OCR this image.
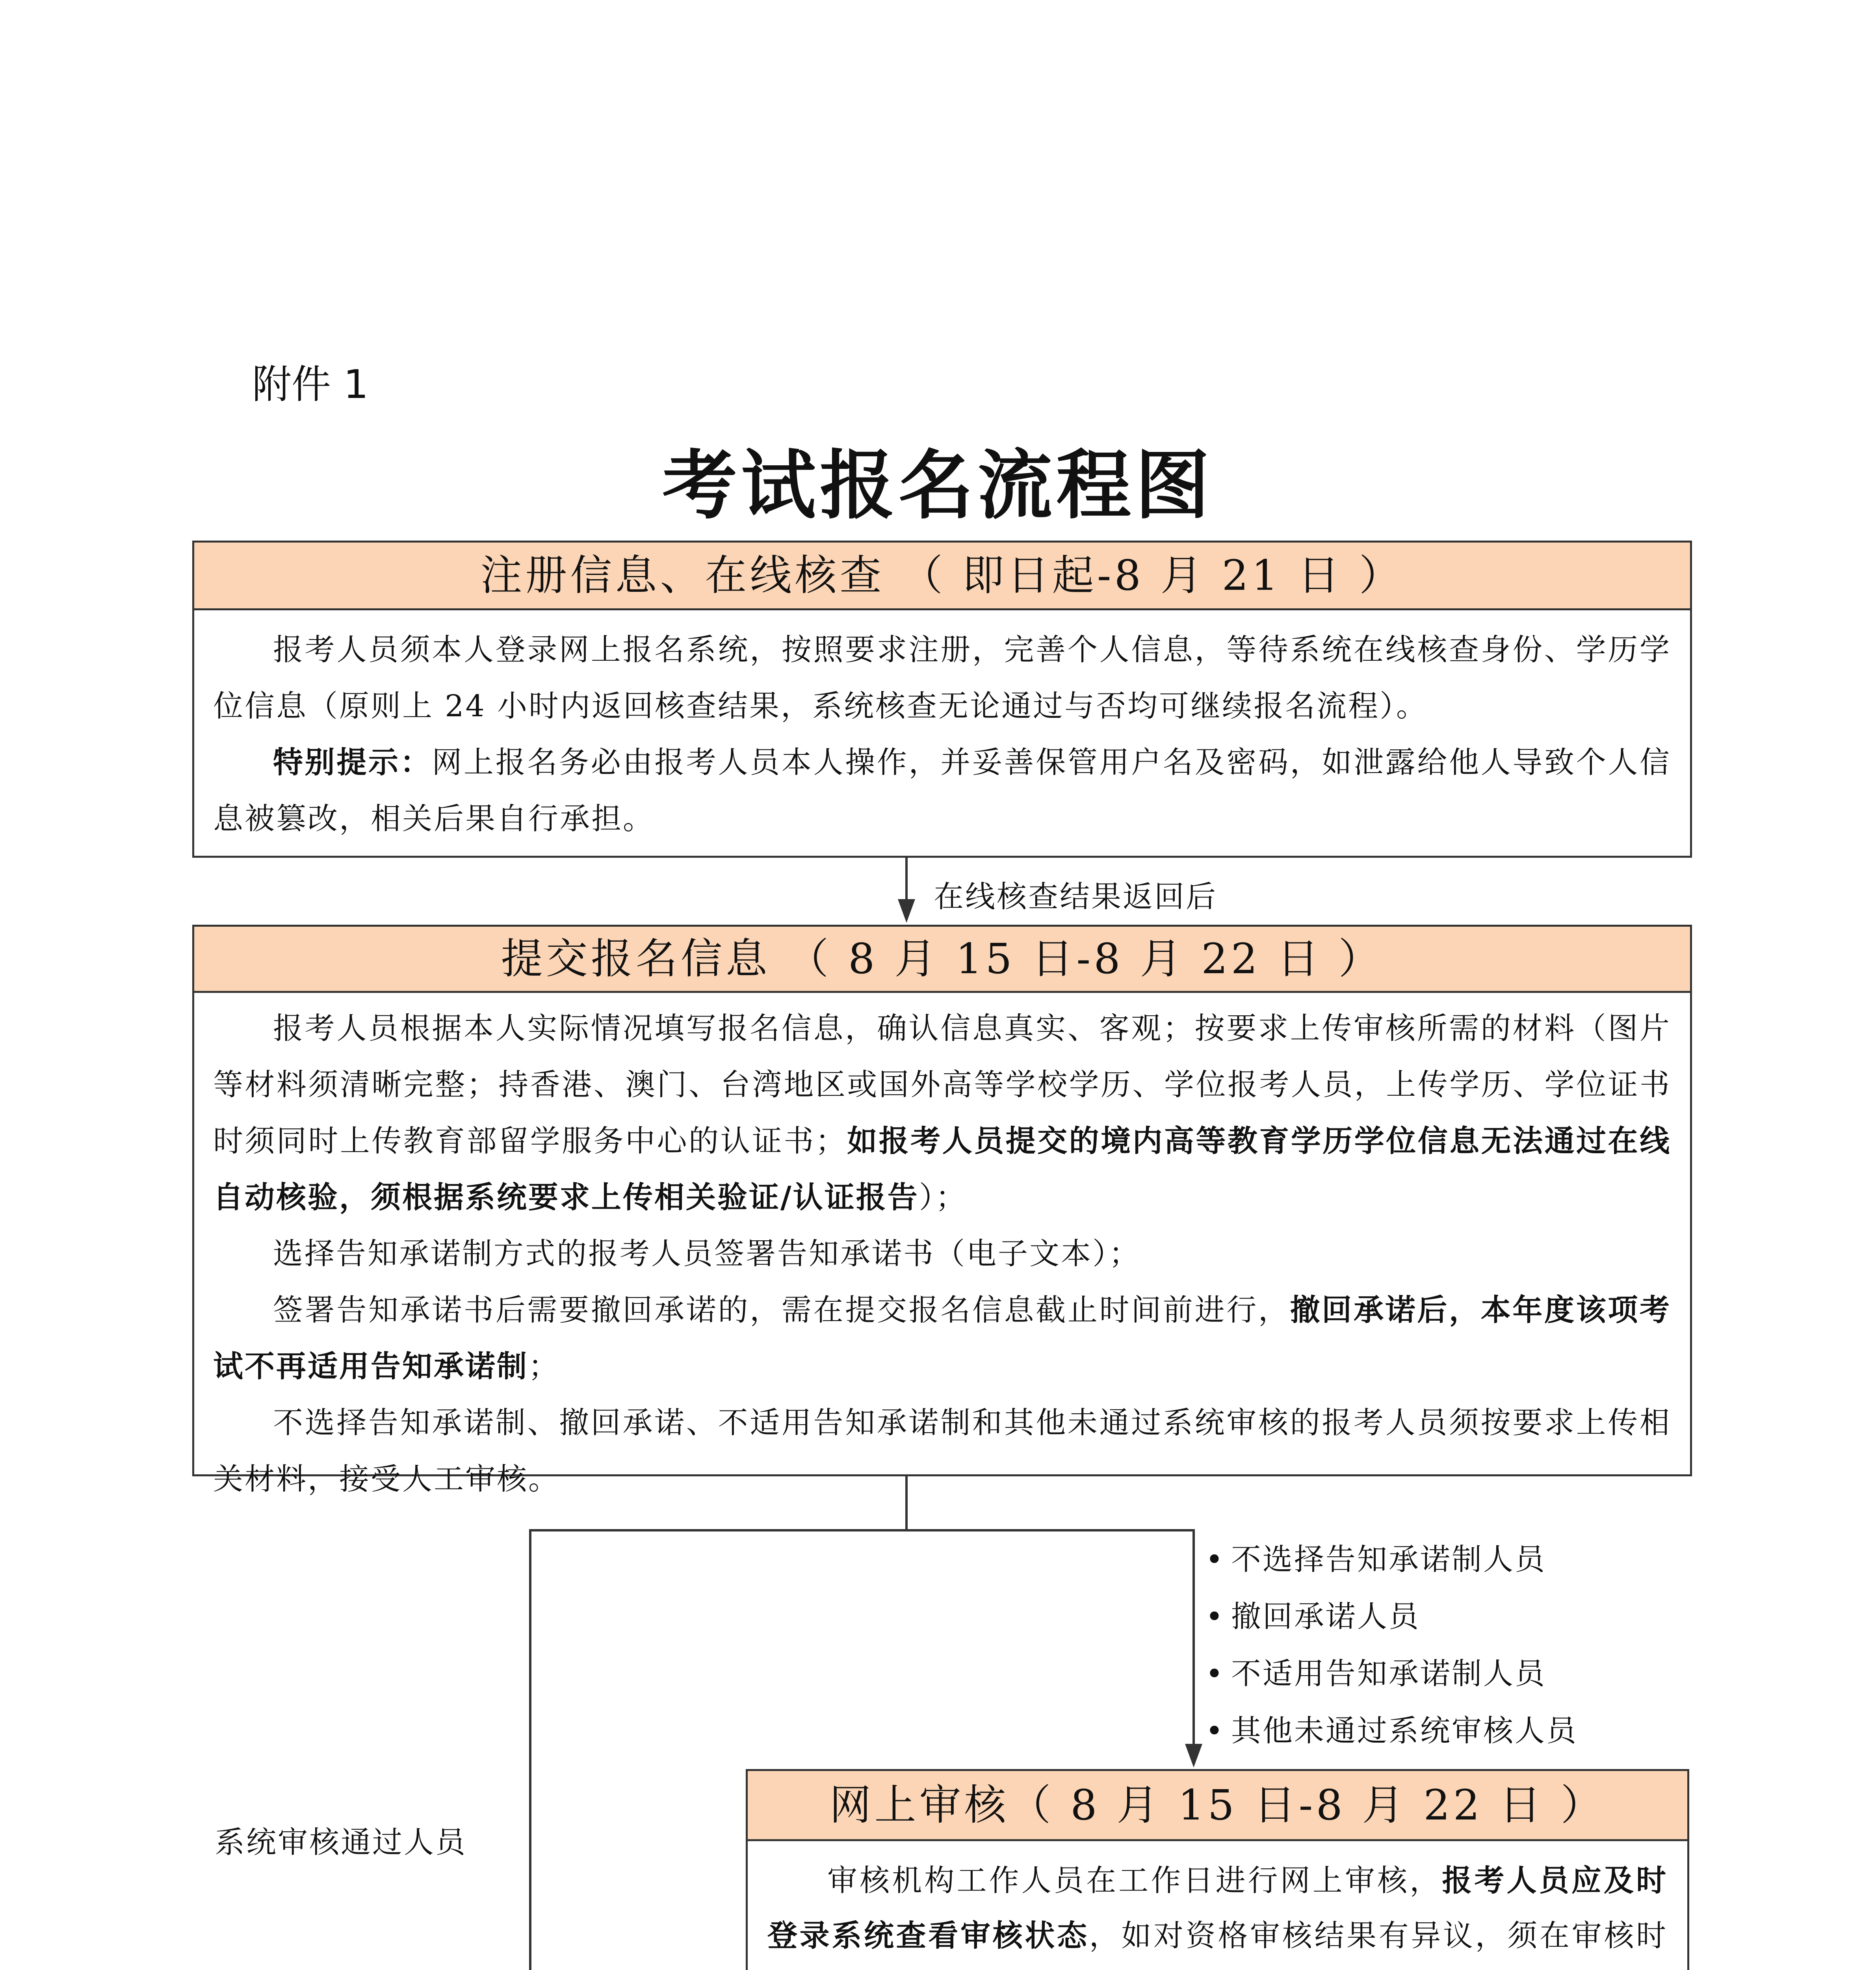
附件 1
考试报名流程图
注册信息、在线核查 （ 即日起-8 月 21 日 ）

报考人员须本人登录网上报名系统，按照要求注册，完善个人信息，等待系统在线核查身份、学历学位信息（原则上 24 小时内返回核查结果，系统核查无论通过与否均可继续报名流程）。

特别提示：网上报名务必由报考人员本人操作，并妥善保管用户名及密码，如泄露给他人导致个人信息被篡改，相关后果自行承担。

在线核查结果返回后
提交报名信息 （ 8 月 15 日-8 月 22 日 ）

报考人员根据本人实际情况填写报名信息，确认信息真实、客观；按要求上传审核所需的材料（图片等材料须清晰完整；持香港、澳门、台湾地区或国外高等学校学历、学位报考人员，上传学历、学位证书时须同时上传教育部留学服务中心的认证书；如报考人员提交的境内高等教育学历学位信息无法通过在线自动核验，须根据系统要求上传相关验证/认证报告）；

选择告知承诺制方式的报考人员签署告知承诺书（电子文本）；

签署告知承诺书后需要撤回承诺的，需在提交报名信息截止时间前进行，撤回承诺后，本年度该项考试不再适用告知承诺制；

不选择告知承诺制、撤回承诺、不适用告知承诺制和其他未通过系统审核的报考人员须按要求上传相关材料，接受人工审核。

• 不选择告知承诺制人员
• 撤回承诺人员
• 不适用告知承诺制人员
• 其他未通过系统审核人员
系统审核通过人员
网上审核（ 8 月 15 日-8 月 22 日 ）

审核机构工作人员在工作日进行网上审核，报考人员应及时登录系统查看审核状态，如对资格审核结果有异议，须在审核时
